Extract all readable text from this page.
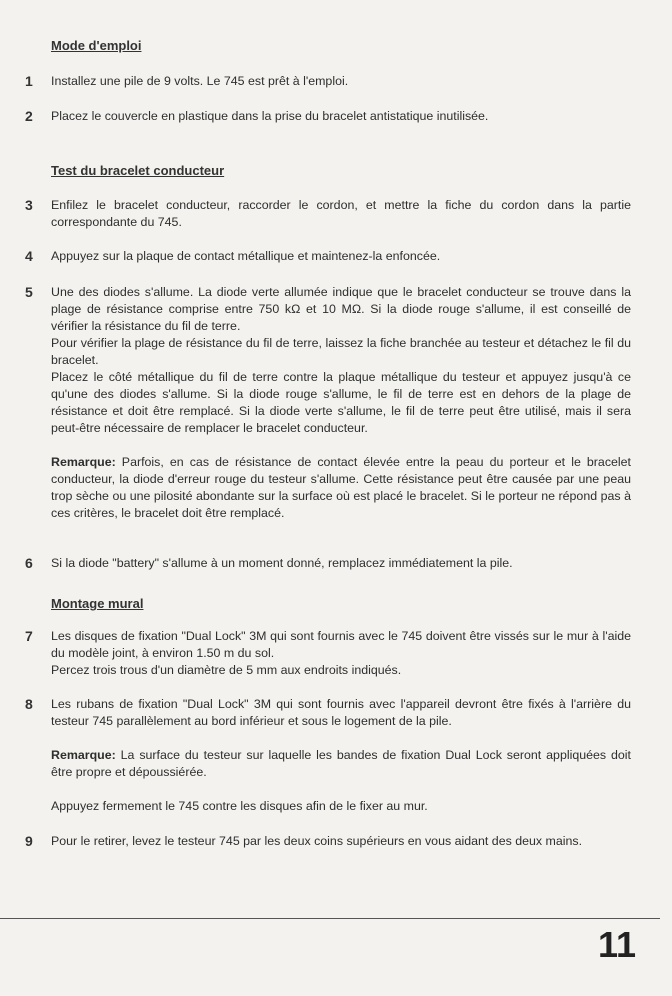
Mode d'emploi
1 Installez une pile de 9 volts. Le 745 est prêt à l'emploi.

2 Placez le couvercle en plastique dans la prise du bracelet antistatique inutilisée.

Test du bracelet conducteur
3 Enfilez le bracelet conducteur, raccorder le cordon, et mettre la fiche du cordon dans la partie correspondante du 745.

4 Appuyez sur la plaque de contact métallique et maintenez-la enfoncée.

5 Une des diodes s'allume. La diode verte allumée indique que le bracelet conducteur se trouve dans la plage de résistance comprise entre 750 kΩ et 10 MΩ. Si la diode rouge s'allume, il est conseillé de vérifier la résistance du fil de terre.

Pour vérifier la plage de résistance du fil de terre, laissez la fiche branchée au testeur et détachez le fil du bracelet.

Placez le côté métallique du fil de terre contre la plaque métallique du testeur et appuyez jusqu'à ce qu'une des diodes s'allume. Si la diode rouge s'allume, le fil de terre est en dehors de la plage de résistance et doit être remplacé. Si la diode verte s'allume, le fil de terre peut être utilisé, mais il sera peut-être nécessaire de remplacer le bracelet conducteur.

Remarque: Parfois, en cas de résistance de contact élevée entre la peau du porteur et le bracelet conducteur, la diode d'erreur rouge du testeur s'allume. Cette résistance peut être causée par une peau trop sèche ou une pilosité abondante sur la surface où est placé le bracelet. Si le porteur ne répond pas à ces critères, le bracelet doit être remplacé.

6 Si la diode "battery" s'allume à un moment donné, remplacez immédiatement la pile.

Montage mural
7 Les disques de fixation "Dual Lock" 3M qui sont fournis avec le 745 doivent être vissés sur le mur à l'aide du modèle joint, à environ 1.50 m du sol.

Percez trois trous d'un diamètre de 5 mm aux endroits indiqués.

8 Les rubans de fixation "Dual Lock" 3M qui sont fournis avec l'appareil devront être fixés à l'arrière du testeur 745 parallèlement au bord inférieur et sous le logement de la pile.

Remarque: La surface du testeur sur laquelle les bandes de fixation Dual Lock seront appliquées doit être propre et dépoussiérée.

Appuyez fermement le 745 contre les disques afin de le fixer au mur.

9 Pour le retirer, levez le testeur 745 par les deux coins supérieurs en vous aidant des deux mains.

11
